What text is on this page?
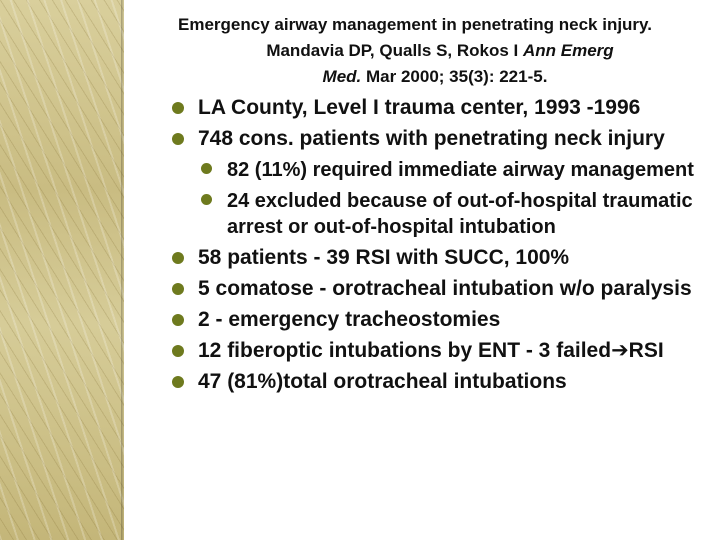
Emergency airway management in penetrating neck injury.
Mandavia DP, Qualls S, Rokos I Ann Emerg
Med. Mar 2000; 35(3): 221-5.
LA County, Level I trauma center, 1993 -1996
748 cons. patients with penetrating neck injury
82 (11%) required immediate airway management
24 excluded because of out-of-hospital traumatic arrest or out-of-hospital intubation
58 patients - 39 RSI with SUCC, 100%
5 comatose - orotracheal intubation w/o paralysis
2 - emergency tracheostomies
12 fiberoptic intubations by ENT - 3 failed➔RSI
47 (81%)total orotracheal intubations
